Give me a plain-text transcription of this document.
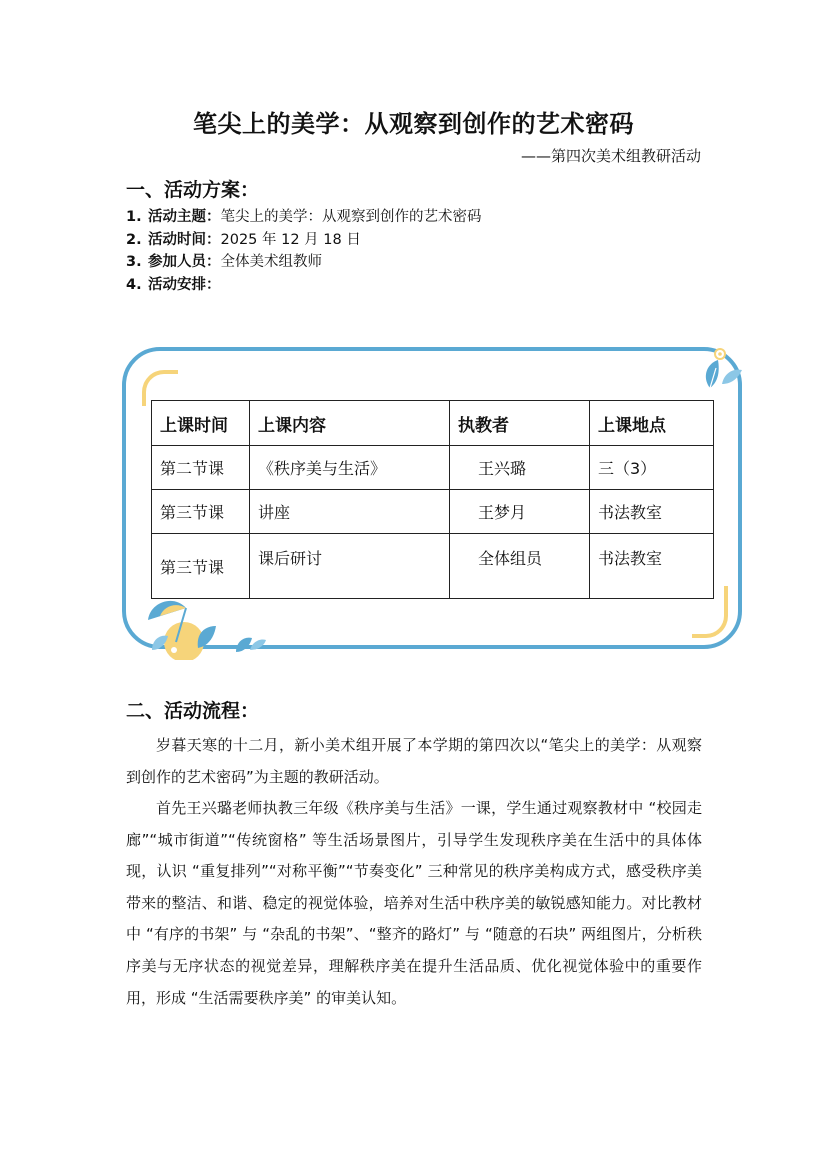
笔尖上的美学：从观察到创作的艺术密码
——第四次美术组教研活动
一、活动方案：
1. 活动主题：笔尖上的美学：从观察到创作的艺术密码
2. 活动时间：2025 年 12 月 18 日
3. 参加人员：全体美术组教师
4. 活动安排：
上课时间	上课内容	执教者	上课地点
第二节课	《秩序美与生活》	王兴璐	三（3）
第三节课	讲座	王梦月	书法教室
第三节课	课后研讨	全体组员	书法教室
二、活动流程：

岁暮天寒的十二月，新小美术组开展了本学期的第四次以“笔尖上的美学：从观察到创作的艺术密码”为主题的教研活动。

首先王兴璐老师执教三年级《秩序美与生活》一课，学生通过观察教材中 “校园走廊”“城市街道”“传统窗格” 等生活场景图片，引导学生发现秩序美在生活中的具体体现，认识 “重复排列”“对称平衡”“节奏变化” 三种常见的秩序美构成方式，感受秩序美带来的整洁、和谐、稳定的视觉体验，培养对生活中秩序美的敏锐感知能力。对比教材中 “有序的书架” 与 “杂乱的书架”、“整齐的路灯” 与 “随意的石块” 两组图片，分析秩序美与无序状态的视觉差异，理解秩序美在提升生活品质、优化视觉体验中的重要作用，形成 “生活需要秩序美” 的审美认知。
